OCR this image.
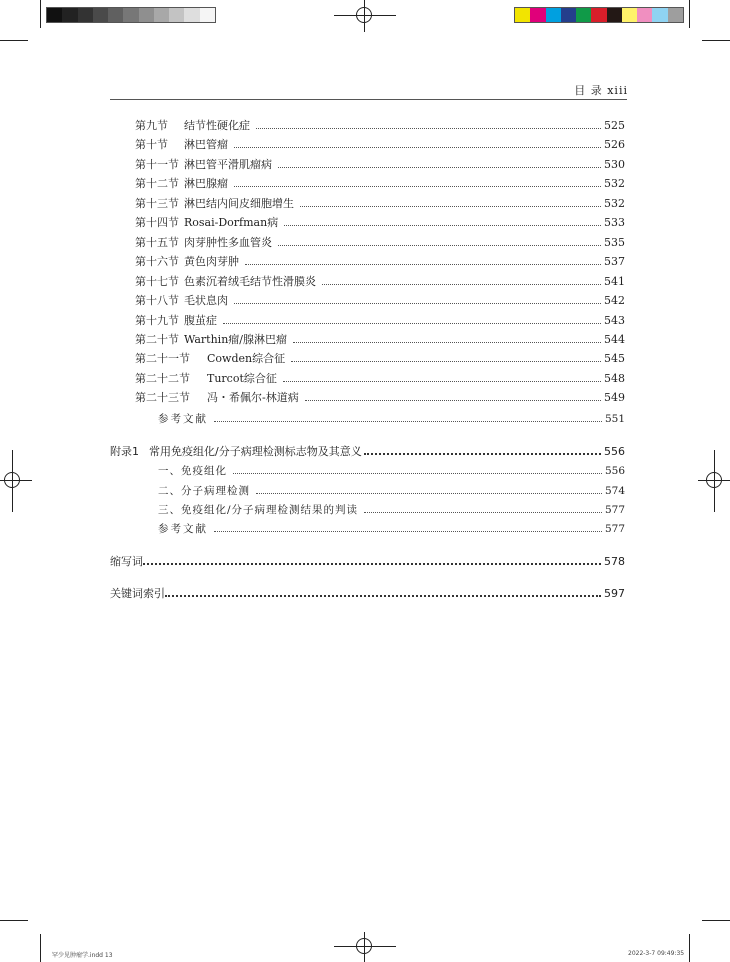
目 录 xiii
第九节	结节性硬化症	525
第十节	淋巴管瘤	526
第十一节 淋巴管平滑肌瘤病	530
第十二节 淋巴腺瘤	532
第十三节 淋巴结内间皮细胞增生	532
第十四节 Rosai-Dorfman病	533
第十五节 肉芽肿性多血管炎	535
第十六节 黄色肉芽肿	537
第十七节 色素沉着绒毛结节性滑膜炎	541
第十八节 毛状息肉	542
第十九节 腹茧症	543
第二十节 Warthin瘤/腺淋巴瘤	544
第二十一节	Cowden综合征	545
第二十二节	Turcot综合征	548
第二十三节	冯・希佩尔-林道病	549
参考文献	551
附录1 常用免疫组化/分子病理检测标志物及其意义	556
一、免疫组化	556
二、分子病理检测	574
三、免疫组化/分子病理检测结果的判读	577
参考文献	577
缩写词	578
关键词索引	597
罕少见肿瘤学.indd 13	2022-3-7 09:49:35
